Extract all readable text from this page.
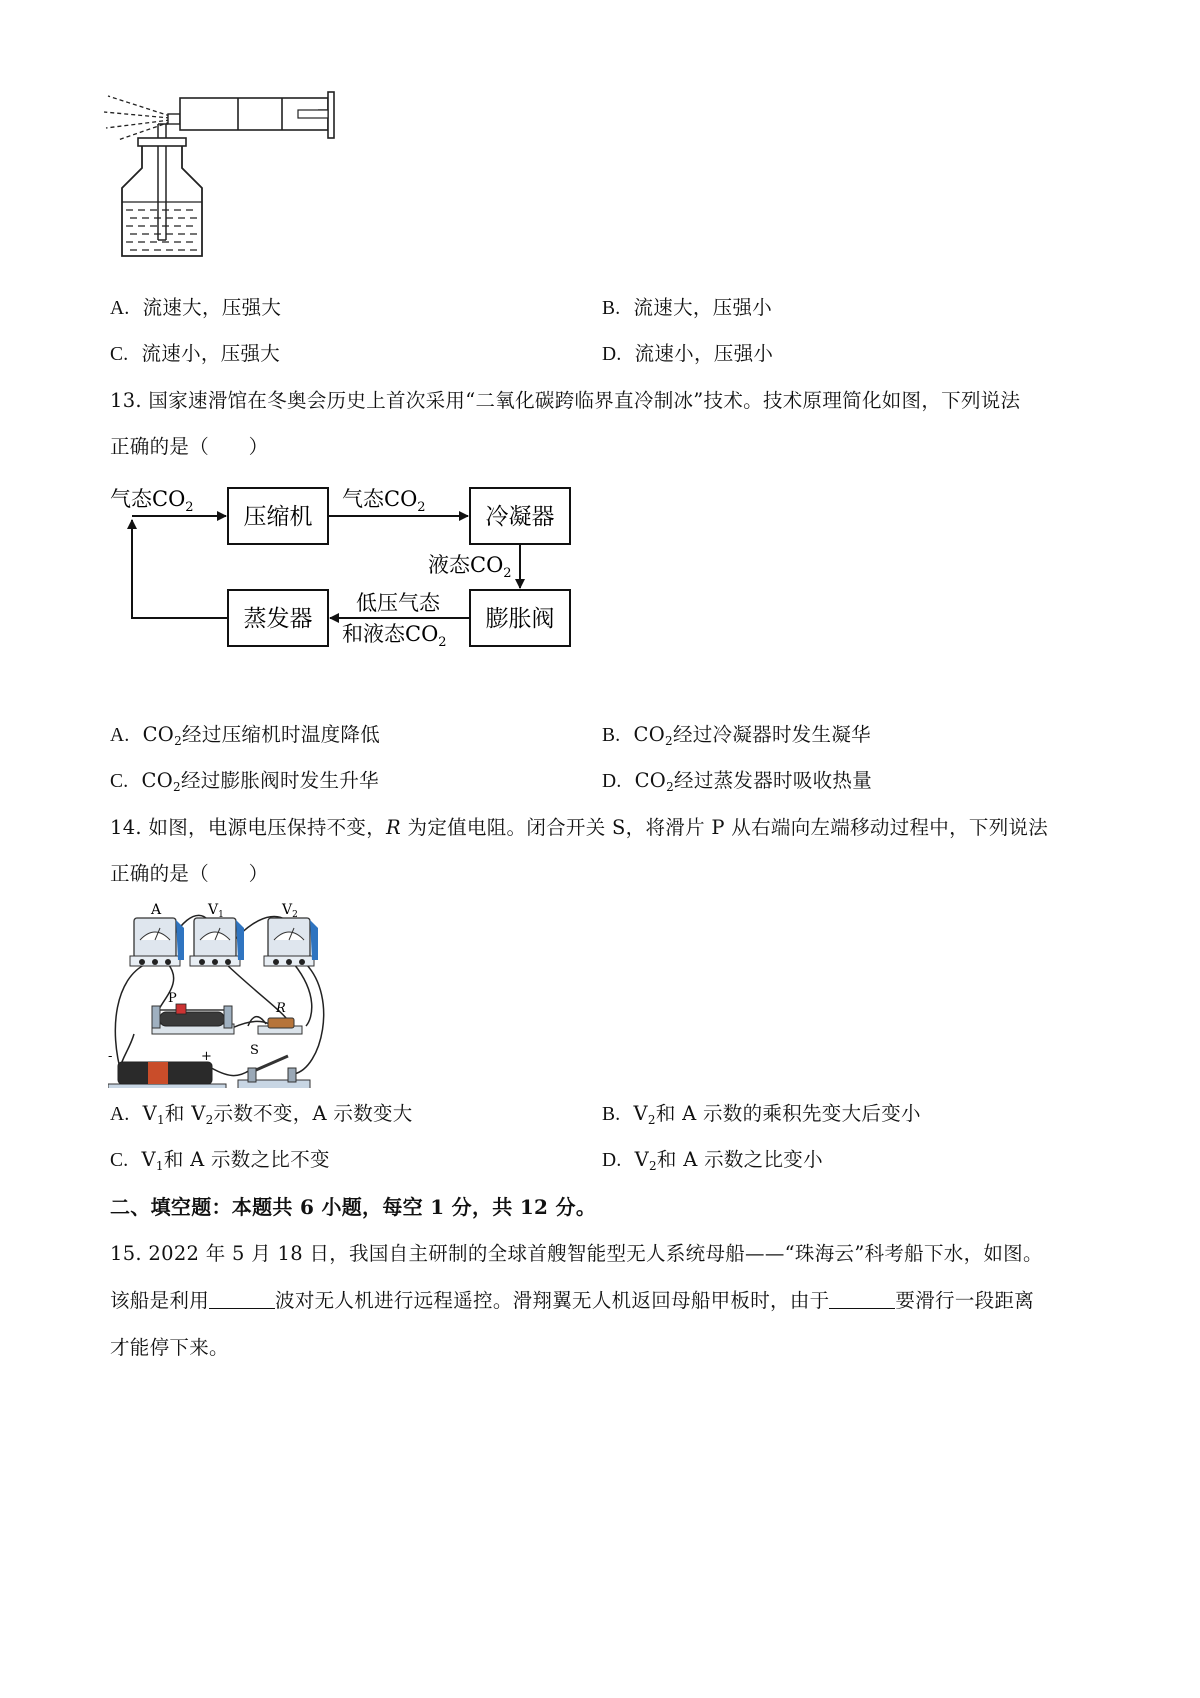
A. 流速大，压强大	B. 流速大，压强小
C. 流速小，压强大	D. 流速小，压强小
13. 国家速滑馆在冬奥会历史上首次采用“二氧化碳跨临界直冷制冰”技术。技术原理简化如图，下列说法
正确的是（　　）
压缩机	冷凝器
膨胀阀
蒸发器
气态$CO_2$	气态$CO_2$
液态$CO_2$
低压气态
和液态$CO_2$
A. $CO_2$经过压缩机时温度降低	B. $CO_2$经过冷凝器时发生凝华
C. $CO_2$经过膨胀阀时发生升华	D. $CO_2$经过蒸发器时吸收热量
14. 如图，电源电压保持不变，R 为定值电阻。闭合开关 S，将滑片 P 从右端向左端移动过程中，下列说法
正确的是（　　）
A	$V_1$	$V_2$
P
R
+
-	S
A. $V_1$和 $V_2$示数不变，A 示数变大	B. $V_2$和 A 示数的乘积先变大后变小
C. $V_1$和 A 示数之比不变	D. $V_2$和 A 示数之比变小
二、填空题：本题共 6 小题，每空 1 分，共 12 分。
15. 2022 年 5 月 18 日，我国自主研制的全球首艘智能型无人系统母船——“珠海云”科考船下水，如图。
该船是利用	波对无人机进行远程遥控。滑翔翼无人机返回母船甲板时，由于	要滑行一段距离
才能停下来。
